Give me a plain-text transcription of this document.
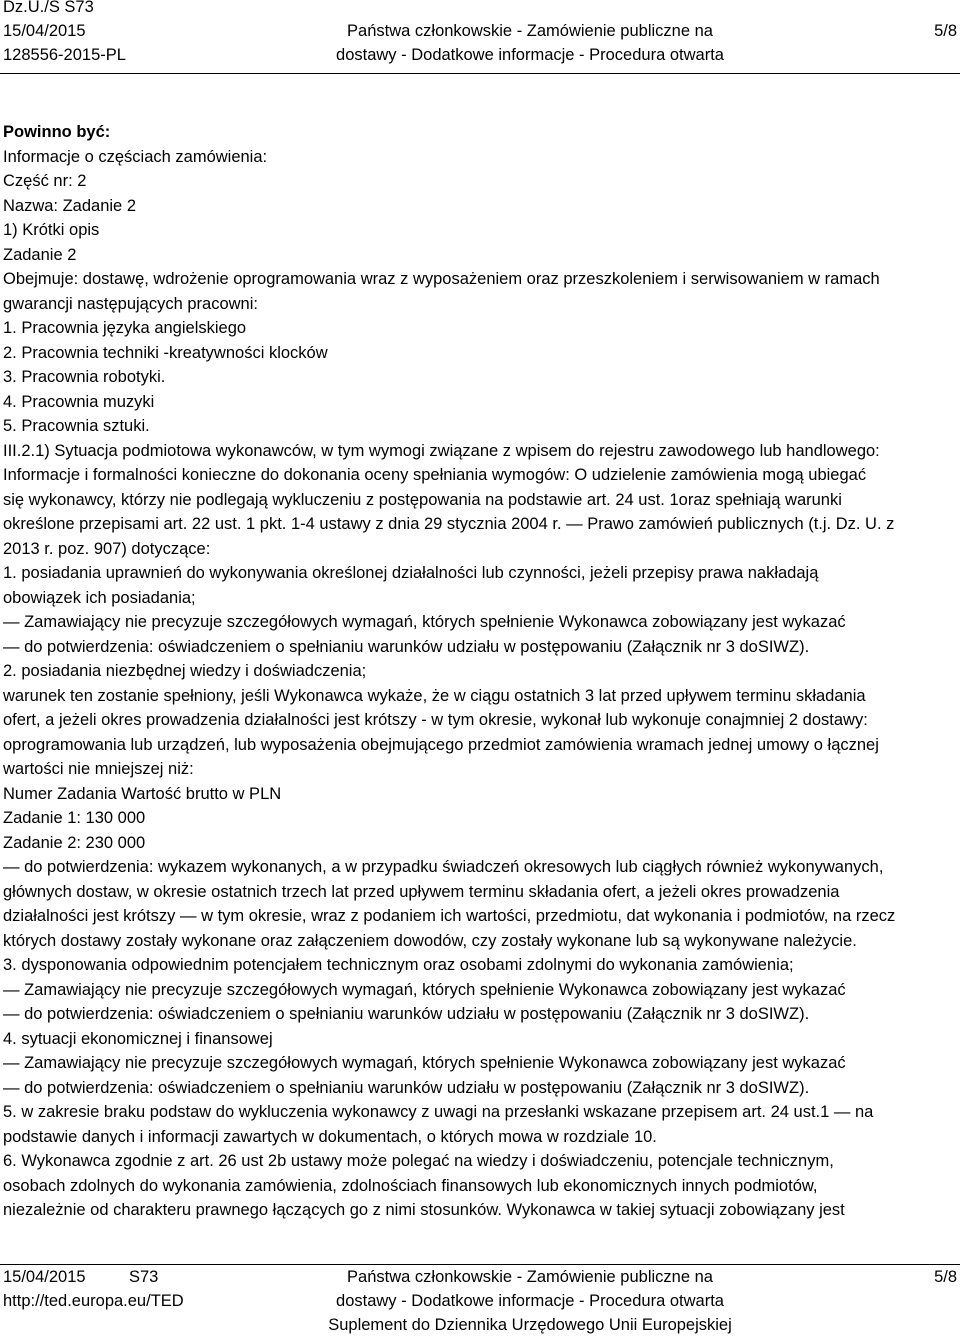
Dz.U./S S73
15/04/2015
128556-2015-PL
Państwa członkowskie - Zamówienie publiczne na
dostawy - Dodatkowe informacje - Procedura otwarta
5/8

Powinno być:

Informacje o częściach zamówienia:

Część nr: 2

Nazwa: Zadanie 2

1) Krótki opis

Zadanie 2

Obejmuje: dostawę, wdrożenie oprogramowania wraz z wyposażeniem oraz przeszkoleniem i serwisowaniem w ramach

gwarancji następujących pracowni:

1. Pracownia języka angielskiego

2. Pracownia techniki -kreatywności klocków

3. Pracownia robotyki.

4. Pracownia muzyki

5. Pracownia sztuki.

III.2.1) Sytuacja podmiotowa wykonawców, w tym wymogi związane z wpisem do rejestru zawodowego lub handlowego:

Informacje i formalności konieczne do dokonania oceny spełniania wymogów: O udzielenie zamówienia mogą ubiegać

się wykonawcy, którzy nie podlegają wykluczeniu z postępowania na podstawie art. 24 ust. 1oraz spełniają warunki

określone przepisami art. 22 ust. 1 pkt. 1-4 ustawy z dnia 29 stycznia 2004 r. — Prawo zamówień publicznych (t.j. Dz. U. z

2013 r. poz. 907) dotyczące:

1. posiadania uprawnień do wykonywania określonej działalności lub czynności, jeżeli przepisy prawa nakładają

obowiązek ich posiadania;

— Zamawiający nie precyzuje szczegółowych wymagań, których spełnienie Wykonawca zobowiązany jest wykazać

— do potwierdzenia: oświadczeniem o spełnianiu warunków udziału w postępowaniu (Załącznik nr 3 doSIWZ).

2. posiadania niezbędnej wiedzy i doświadczenia;

warunek ten zostanie spełniony, jeśli Wykonawca wykaże, że w ciągu ostatnich 3 lat przed upływem terminu składania

ofert, a jeżeli okres prowadzenia działalności jest krótszy - w tym okresie, wykonał lub wykonuje conajmniej 2 dostawy:

oprogramowania lub urządzeń, lub wyposażenia obejmującego przedmiot zamówienia wramach jednej umowy o łącznej

wartości nie mniejszej niż:

Numer Zadania Wartość brutto w PLN

Zadanie 1: 130 000

Zadanie 2: 230 000

— do potwierdzenia: wykazem wykonanych, a w przypadku świadczeń okresowych lub ciągłych również wykonywanych,

głównych dostaw, w okresie ostatnich trzech lat przed upływem terminu składania ofert, a jeżeli okres prowadzenia

działalności jest krótszy — w tym okresie, wraz z podaniem ich wartości, przedmiotu, dat wykonania i podmiotów, na rzecz

których dostawy zostały wykonane oraz załączeniem dowodów, czy zostały wykonane lub są wykonywane należycie.

3. dysponowania odpowiednim potencjałem technicznym oraz osobami zdolnymi do wykonania zamówienia;

— Zamawiający nie precyzuje szczegółowych wymagań, których spełnienie Wykonawca zobowiązany jest wykazać

— do potwierdzenia: oświadczeniem o spełnianiu warunków udziału w postępowaniu (Załącznik nr 3 doSIWZ).

4. sytuacji ekonomicznej i finansowej

— Zamawiający nie precyzuje szczegółowych wymagań, których spełnienie Wykonawca zobowiązany jest wykazać

— do potwierdzenia: oświadczeniem o spełnianiu warunków udziału w postępowaniu (Załącznik nr 3 doSIWZ).

5. w zakresie braku podstaw do wykluczenia wykonawcy z uwagi na przesłanki wskazane przepisem art. 24 ust.1 — na

podstawie danych i informacji zawartych w dokumentach, o których mowa w rozdziale 10.

6. Wykonawca zgodnie z art. 26 ust 2b ustawy może polegać na wiedzy i doświadczeniu, potencjale technicznym,

osobach zdolnych do wykonania zamówienia, zdolnościach finansowych lub ekonomicznych innych podmiotów,

niezależnie od charakteru prawnego łączących go z nimi stosunków. Wykonawca w takiej sytuacji zobowiązany jest

15/04/2015	S73
http://ted.europa.eu/TED
Państwa członkowskie - Zamówienie publiczne na
dostawy - Dodatkowe informacje - Procedura otwarta
Suplement do Dziennika Urzędowego Unii Europejskiej
5/8
